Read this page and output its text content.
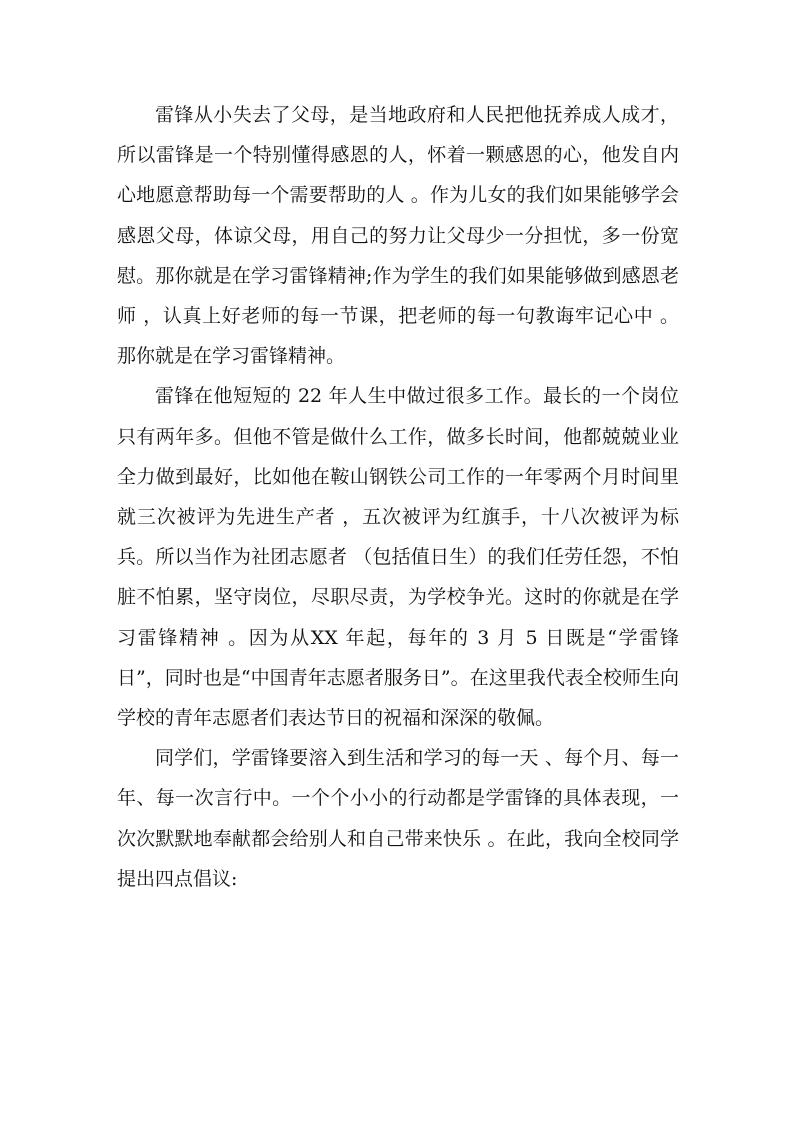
雷锋从小失去了父母，是当地政府和人民把他抚养成人成才，所以雷锋是一个特别懂得感恩的人，怀着一颗感恩的心，他发自内心地愿意帮助每一个需要帮助的人 。作为儿女的我们如果能够学会感恩父母，体谅父母，用自己的努力让父母少一分担忧，多一份宽慰。那你就是在学习雷锋精神;作为学生的我们如果能够做到感恩老师 ，认真上好老师的每一节课，把老师的每一句教诲牢记心中 。那你就是在学习雷锋精神。

雷锋在他短短的 22 年人生中做过很多工作。最长的一个岗位只有两年多。但他不管是做什么工作，做多长时间，他都兢兢业业全力做到最好，比如他在鞍山钢铁公司工作的一年零两个月时间里就三次被评为先进生产者 ，五次被评为红旗手，十八次被评为标兵。所以当作为社团志愿者 （包括值日生）的我们任劳任怨，不怕脏不怕累，坚守岗位，尽职尽责，为学校争光。这时的你就是在学习雷锋精神 。因为从XX 年起，每年的 3 月 5 日既是“学雷锋日”，同时也是“中国青年志愿者服务日”。在这里我代表全校师生向学校的青年志愿者们表达节日的祝福和深深的敬佩。

同学们，学雷锋要溶入到生活和学习的每一天 、每个月、每一年、每一次言行中。一个个小小的行动都是学雷锋的具体表现，一次次默默地奉献都会给别人和自己带来快乐 。在此，我向全校同学提出四点倡议:
